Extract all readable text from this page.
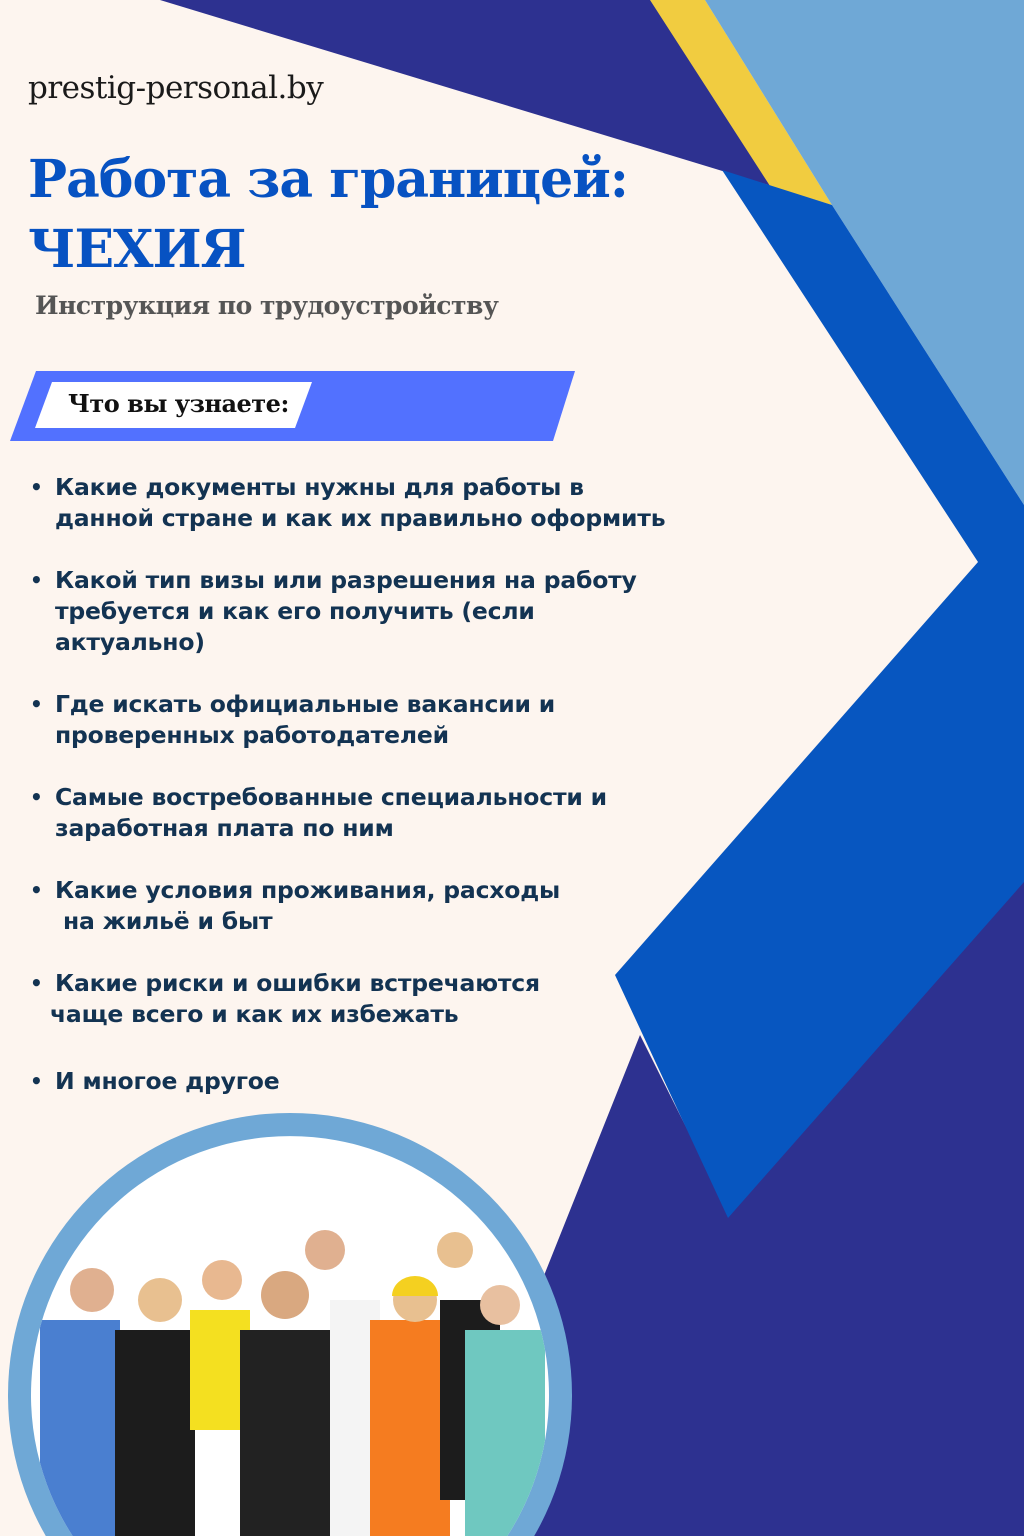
prestig-personal.by
Работа за границей:
ЧЕХИЯ
Инструкция по трудоустройству
Что вы узнаете:
• Какие документы нужны для работы в
данной стране и как их правильно оформить
• Какой тип визы или разрешения на работу
требуется и как его получить (если
актуально)
• Где искать официальные вакансии и
проверенных работодателей
• Самые востребованные специальности и
заработная плата по ним
• Какие условия проживания, расходы
на жильё и быт
• Какие риски и ошибки встречаются
чаще всего и как их избежать
• И многое другое
